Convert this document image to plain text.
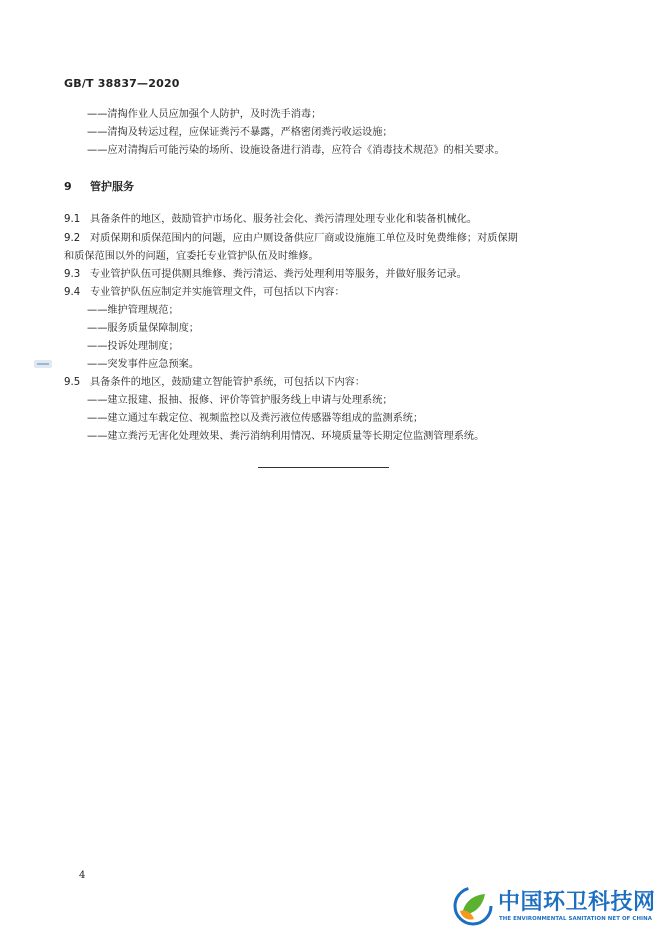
GB/T 38837—2020
——清掏作业人员应加强个人防护，及时洗手消毒；
——清掏及转运过程，应保证粪污不暴露，严格密闭粪污收运设施；
——应对清掏后可能污染的场所、设施设备进行消毒，应符合《消毒技术规范》的相关要求。
9 管护服务
9.1 具备条件的地区，鼓励管护市场化、服务社会化、粪污清理处理专业化和装备机械化。
9.2 对质保期和质保范围内的问题，应由户厕设备供应厂商或设施施工单位及时免费维修；对质保期
和质保范围以外的问题，宜委托专业管护队伍及时维修。
9.3 专业管护队伍可提供厕具维修、粪污清运、粪污处理利用等服务，并做好服务记录。
9.4 专业管护队伍应制定并实施管理文件，可包括以下内容：
——维护管理规范；
——服务质量保障制度；
——投诉处理制度；
——突发事件应急预案。
9.5 具备条件的地区，鼓励建立智能管护系统，可包括以下内容：
——建立报建、报抽、报修、评价等管护服务线上申请与处理系统；
——建立通过车载定位、视频监控以及粪污液位传感器等组成的监测系统；
——建立粪污无害化处理效果、粪污消纳利用情况、环境质量等长期定位监测管理系统。
4
中国环卫科技网
THE ENVIRONMENTAL SANITATION NET OF CHINA
